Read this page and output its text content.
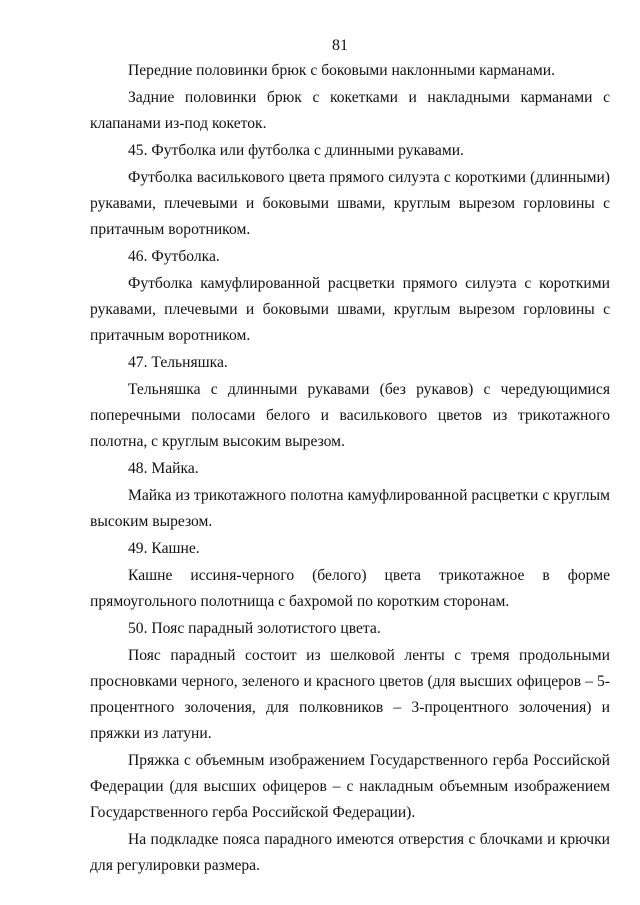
81

Передние половинки брюк с боковыми наклонными карманами.

Задние половинки брюк с кокетками и накладными карманами с клапанами из-под кокеток.

45. Футболка или футболка с длинными рукавами.

Футболка василькового цвета прямого силуэта с короткими (длинными) рукавами, плечевыми и боковыми швами, круглым вырезом горловины с притачным воротником.

46. Футболка.

Футболка камуфлированной расцветки прямого силуэта с короткими рукавами, плечевыми и боковыми швами, круглым вырезом горловины с притачным воротником.

47. Тельняшка.

Тельняшка с длинными рукавами (без рукавов) с чередующимися поперечными полосами белого и василькового цветов из трикотажного полотна, с круглым высоким вырезом.

48. Майка.

Майка из трикотажного полотна камуфлированной расцветки с круглым высоким вырезом.

49. Кашне.

Кашне иссиня-черного (белого) цвета трикотажное в форме прямоугольного полотнища с бахромой по коротким сторонам.

50. Пояс парадный золотистого цвета.

Пояс парадный состоит из шелковой ленты с тремя продольными просновками черного, зеленого и красного цветов (для высших офицеров – 5-процентного золочения, для полковников – 3-процентного золочения) и пряжки из латуни.

Пряжка с объемным изображением Государственного герба Российской Федерации (для высших офицеров – с накладным объемным изображением Государственного герба Российской Федерации).

На подкладке пояса парадного имеются отверстия с блочками и крючки для регулировки размера.
